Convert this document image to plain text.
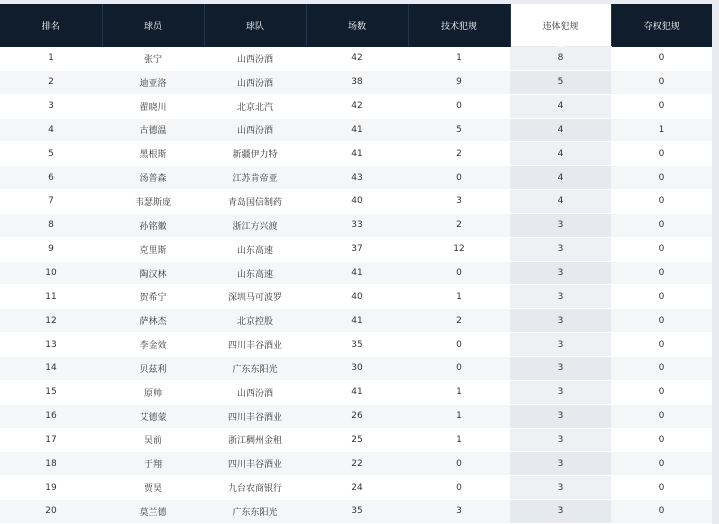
排名	球员	球队	场数	技术犯规	违体犯规	夺权犯规
1	张宁	山西汾酒	42	1	8	0
2	迪亚洛	山西汾酒	38	9	5	0
3	翟晓川	北京北汽	42	0	4	0
4	古德温	山西汾酒	41	5	4	1
5	黑根斯	新疆伊力特	41	2	4	0
6	汤普森	江苏肯帝亚	43	0	4	0
7	韦瑟斯庞	青岛国信制药	40	3	4	0
8	孙铭徽	浙江方兴渡	33	2	3	0
9	克里斯	山东高速	37	12	3	0
10	陶汉林	山东高速	41	0	3	0
11	贺希宁	深圳马可波罗	40	1	3	0
12	萨林杰	北京控股	41	2	3	0
13	李金效	四川丰谷酒业	35	0	3	0
14	贝兹利	广东东阳光	30	0	3	0
15	原帅	山西汾酒	41	1	3	0
16	艾德蒙	四川丰谷酒业	26	1	3	0
17	吴前	浙江稠州金租	25	1	3	0
18	于翔	四川丰谷酒业	22	0	3	0
19	贾昊	九台农商银行	24	0	3	0
20	莫兰德	广东东阳光	35	3	3	0
